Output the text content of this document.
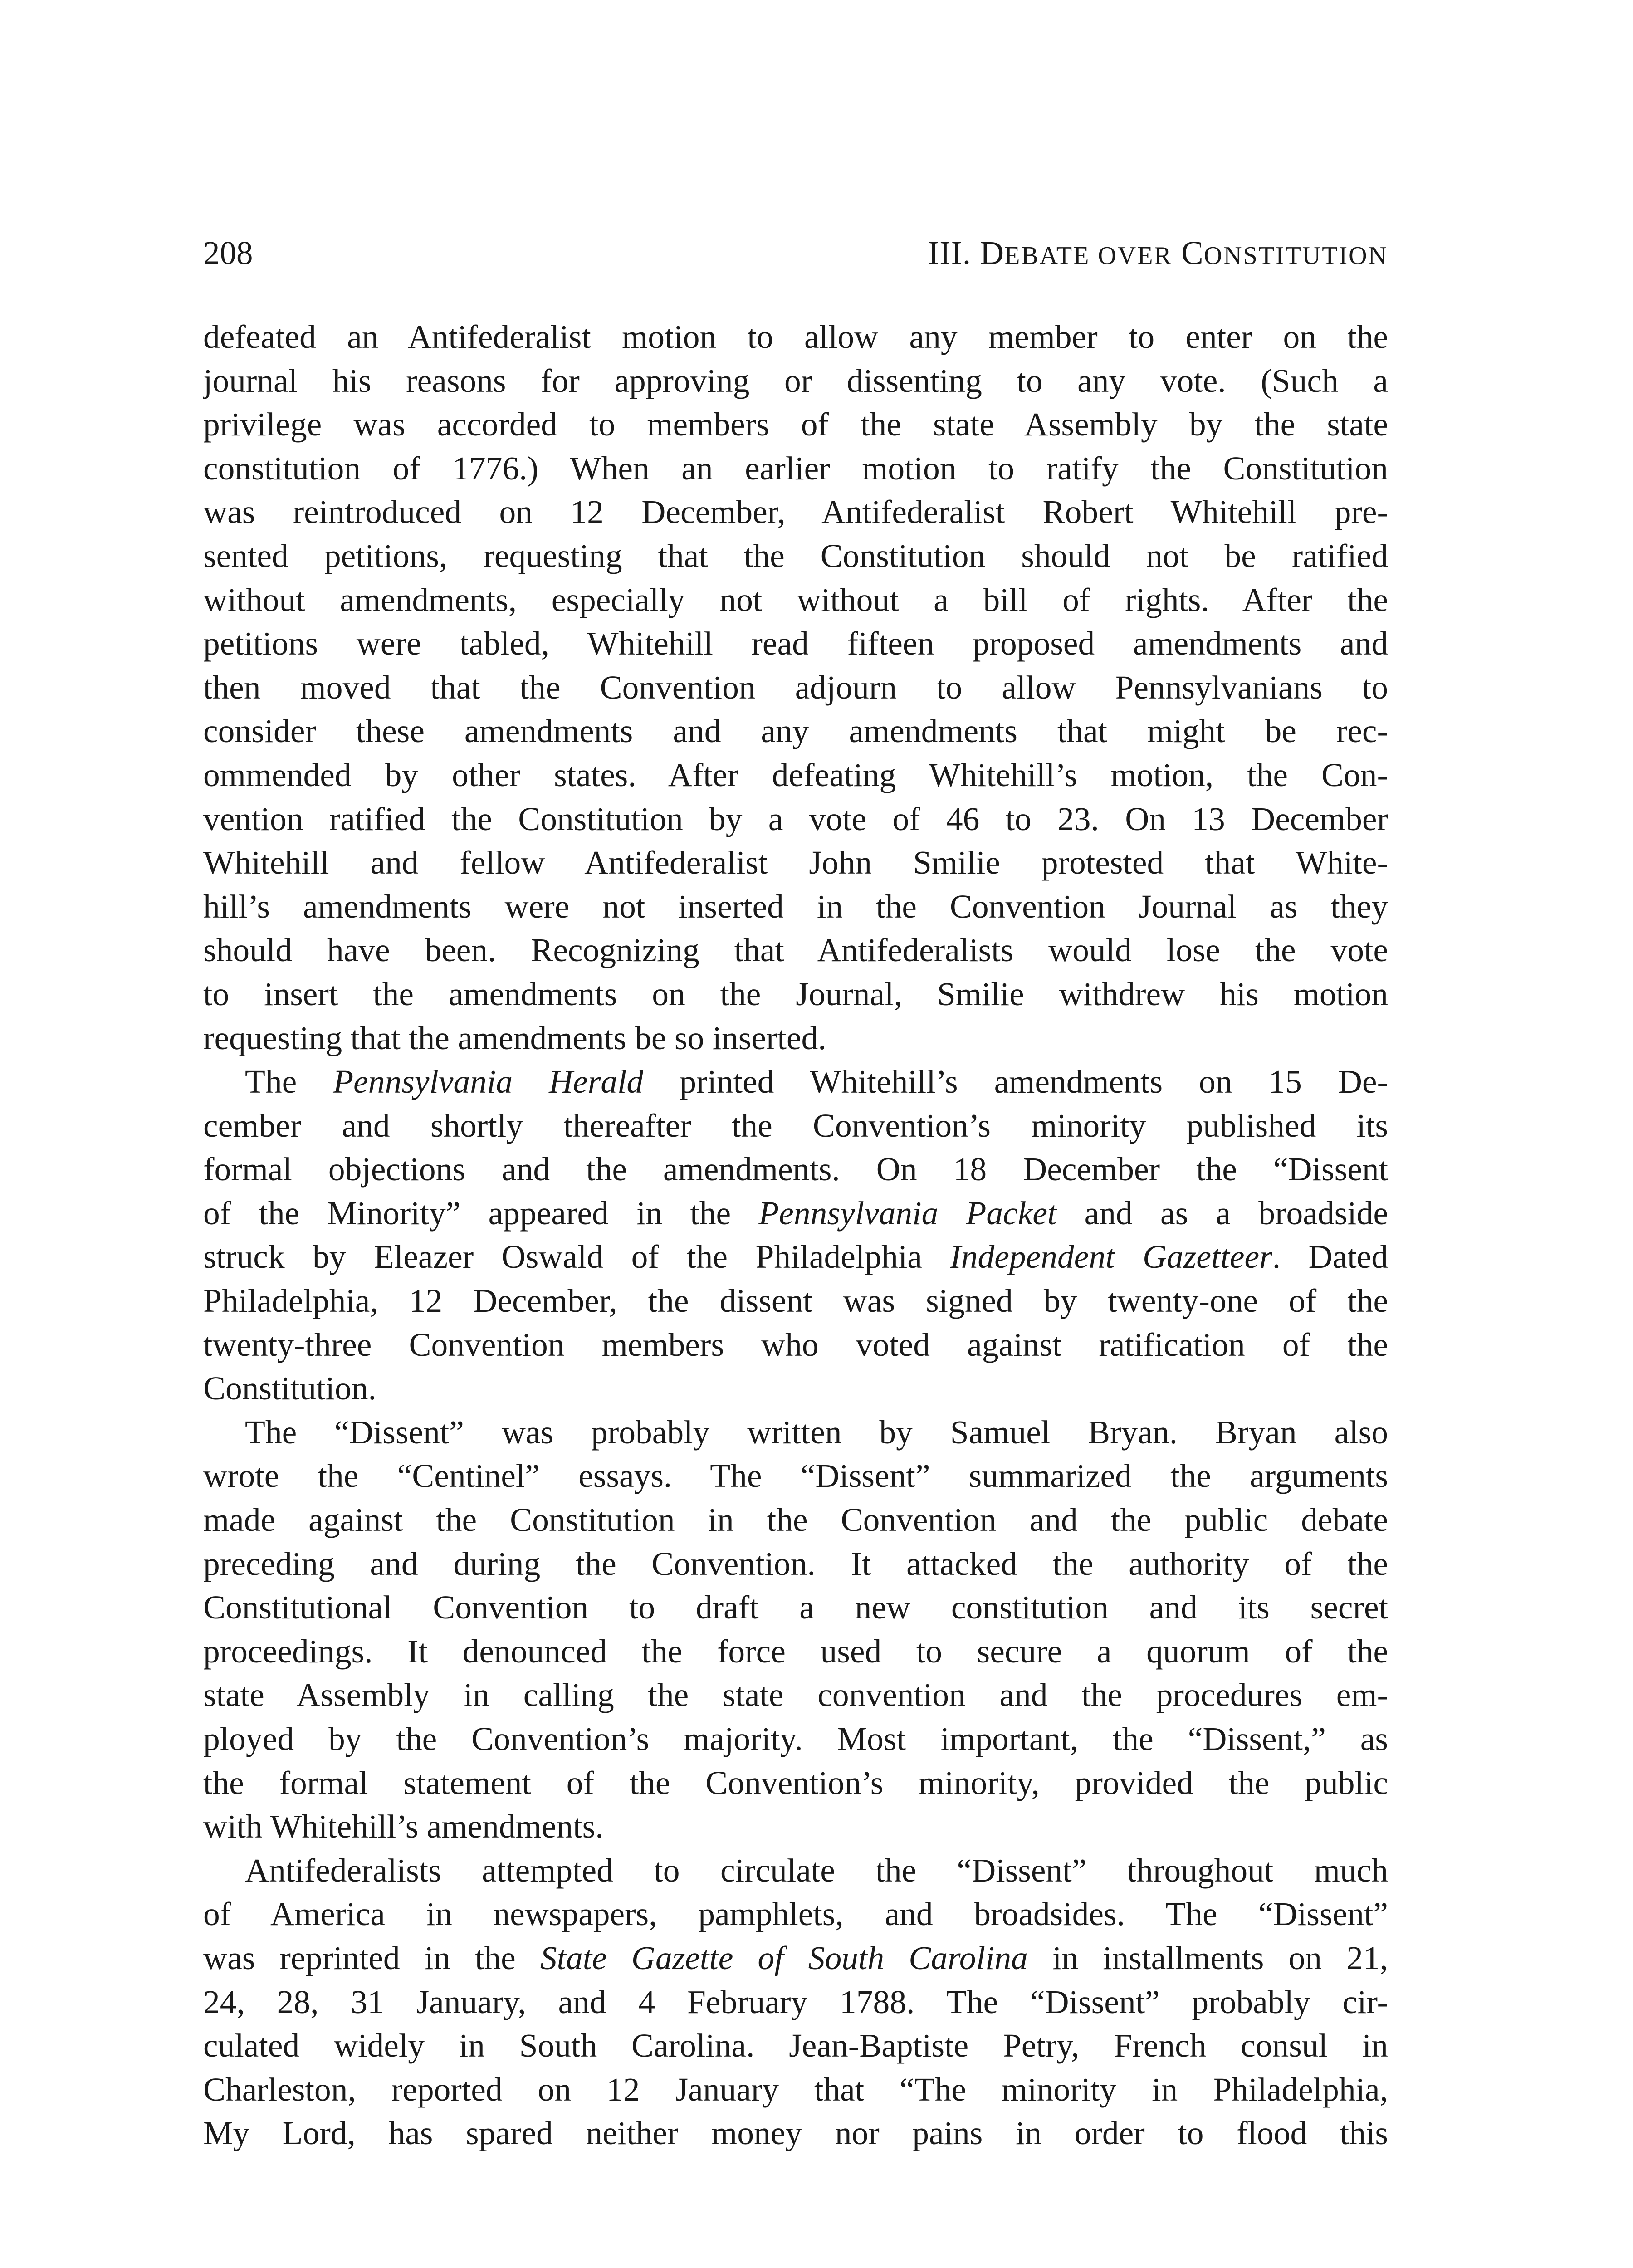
208	III. DEBATE OVER CONSTITUTION
defeated an Antifederalist motion to allow any member to enter on the
journal his reasons for approving or dissenting to any vote. (Such a
privilege was accorded to members of the state Assembly by the state
constitution of 1776.) When an earlier motion to ratify the Constitution
was reintroduced on 12 December, Antifederalist Robert Whitehill pre-
sented petitions, requesting that the Constitution should not be ratified
without amendments, especially not without a bill of rights. After the
petitions were tabled, Whitehill read fifteen proposed amendments and
then moved that the Convention adjourn to allow Pennsylvanians to
consider these amendments and any amendments that might be rec-
ommended by other states. After defeating Whitehill’s motion, the Con-
vention ratified the Constitution by a vote of 46 to 23. On 13 December
Whitehill and fellow Antifederalist John Smilie protested that White-
hill’s amendments were not inserted in the Convention Journal as they
should have been. Recognizing that Antifederalists would lose the vote
to insert the amendments on the Journal, Smilie withdrew his motion
requesting that the amendments be so inserted.
The Pennsylvania Herald printed Whitehill’s amendments on 15 De-
cember and shortly thereafter the Convention’s minority published its
formal objections and the amendments. On 18 December the “Dissent
of the Minority” appeared in the Pennsylvania Packet and as a broadside
struck by Eleazer Oswald of the Philadelphia Independent Gazetteer. Dated
Philadelphia, 12 December, the dissent was signed by twenty-one of the
twenty-three Convention members who voted against ratification of the
Constitution.
The “Dissent” was probably written by Samuel Bryan. Bryan also
wrote the “Centinel” essays. The “Dissent” summarized the arguments
made against the Constitution in the Convention and the public debate
preceding and during the Convention. It attacked the authority of the
Constitutional Convention to draft a new constitution and its secret
proceedings. It denounced the force used to secure a quorum of the
state Assembly in calling the state convention and the procedures em-
ployed by the Convention’s majority. Most important, the “Dissent,” as
the formal statement of the Convention’s minority, provided the public
with Whitehill’s amendments.
Antifederalists attempted to circulate the “Dissent” throughout much
of America in newspapers, pamphlets, and broadsides. The “Dissent”
was reprinted in the State Gazette of South Carolina in installments on 21,
24, 28, 31 January, and 4 February 1788. The “Dissent” probably cir-
culated widely in South Carolina. Jean-Baptiste Petry, French consul in
Charleston, reported on 12 January that “The minority in Philadelphia,
My Lord, has spared neither money nor pains in order to flood this
